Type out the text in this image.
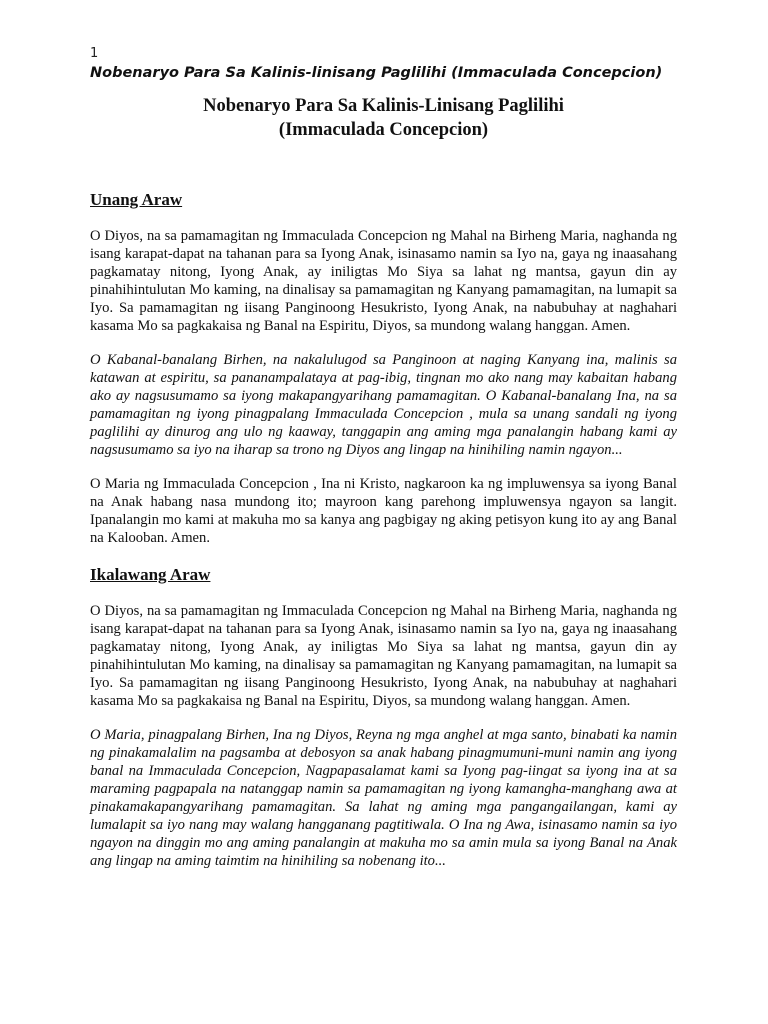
1
Nobenaryo Para Sa Kalinis-linisang Paglilihi (Immaculada Concepcion)
Nobenaryo Para Sa Kalinis-Linisang Paglilihi
(Immaculada Concepcion)
Unang Araw

O Diyos, na sa pamamagitan ng Immaculada Concepcion ng Mahal na Birheng Maria, naghanda ng isang karapat-dapat na tahanan para sa Iyong Anak, isinasamo namin sa Iyo na, gaya ng inaasahang pagkamatay nitong, Iyong Anak, ay iniligtas Mo Siya sa lahat ng mantsa, gayun din ay pinahihintulutan Mo kaming, na dinalisay sa pamamagitan ng Kanyang pamamagitan, na lumapit sa Iyo. Sa pamamagitan ng iisang Panginoong Hesukristo, Iyong Anak, na nabubuhay at naghahari kasama Mo sa pagkakaisa ng Banal na Espiritu, Diyos, sa mundong walang hanggan. Amen.

O Kabanal-banalang Birhen, na nakalulugod sa Panginoon at naging Kanyang ina, malinis sa katawan at espiritu, sa pananampalataya at pag-ibig, tingnan mo ako nang may kabaitan habang ako ay nagsusumamo sa iyong makapangyarihang pamamagitan. O Kabanal-banalang Ina, na sa pamamagitan ng iyong pinagpalang Immaculada Concepcion , mula sa unang sandali ng iyong paglilihi ay dinurog ang ulo ng kaaway, tanggapin ang aming mga panalangin habang kami ay nagsusumamo sa iyo na iharap sa trono ng Diyos ang lingap na hinihiling namin ngayon...

O Maria ng Immaculada Concepcion , Ina ni Kristo, nagkaroon ka ng impluwensya sa iyong Banal na Anak habang nasa mundong ito; mayroon kang parehong impluwensya ngayon sa langit. Ipanalangin mo kami at makuha mo sa kanya ang pagbigay ng aking petisyon kung ito ay ang Banal na Kalooban. Amen.

Ikalawang Araw

O Diyos, na sa pamamagitan ng Immaculada Concepcion ng Mahal na Birheng Maria, naghanda ng isang karapat-dapat na tahanan para sa Iyong Anak, isinasamo namin sa Iyo na, gaya ng inaasahang pagkamatay nitong, Iyong Anak, ay iniligtas Mo Siya sa lahat ng mantsa, gayun din ay pinahihintulutan Mo kaming, na dinalisay sa pamamagitan ng Kanyang pamamagitan, na lumapit sa Iyo. Sa pamamagitan ng iisang Panginoong Hesukristo, Iyong Anak, na nabubuhay at naghahari kasama Mo sa pagkakaisa ng Banal na Espiritu, Diyos, sa mundong walang hanggan. Amen.

O Maria, pinagpalang Birhen, Ina ng Diyos, Reyna ng mga anghel at mga santo, binabati ka namin ng pinakamalalim na pagsamba at debosyon sa anak habang pinagmumuni-muni namin ang iyong banal na Immaculada Concepcion, Nagpapasalamat kami sa Iyong pag-iingat sa iyong ina at sa maraming pagpapala na natanggap namin sa pamamagitan ng iyong kamangha-manghang awa at pinakamakapangyarihang pamamagitan. Sa lahat ng aming mga pangangailangan, kami ay lumalapit sa iyo nang may walang hangganang pagtitiwala. O Ina ng Awa, isinasamo namin sa iyo ngayon na dinggin mo ang aming panalangin at makuha mo sa amin mula sa iyong Banal na Anak ang lingap na aming taimtim na hinihiling sa nobenang ito...
